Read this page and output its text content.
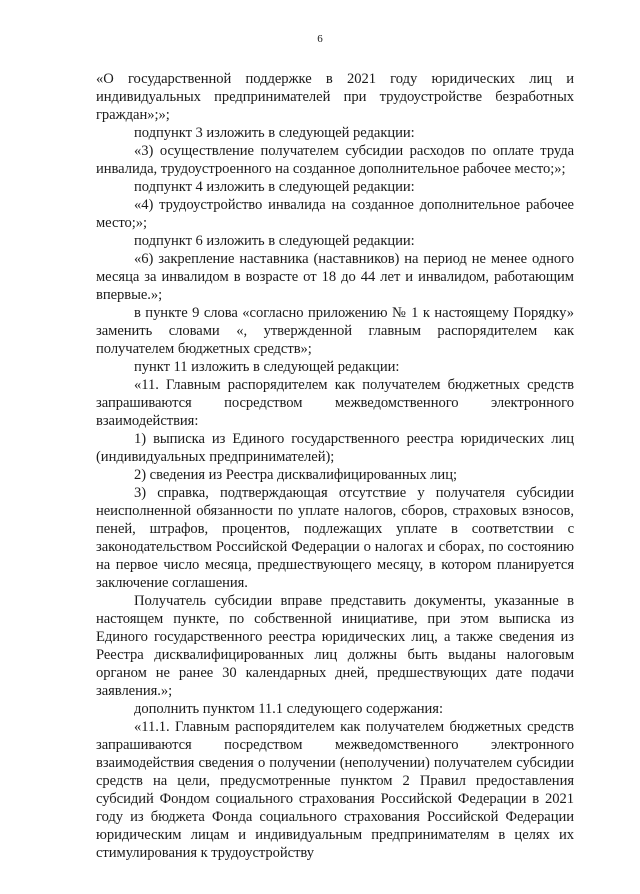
6

«О государственной поддержке в 2021 году юридических лиц и индивидуальных предпринимателей при трудоустройстве безработных граждан»;»;

подпункт 3 изложить в следующей редакции:

«3) осуществление получателем субсидии расходов по оплате труда инвалида, трудоустроенного на созданное дополнительное рабочее место;»;

подпункт 4 изложить в следующей редакции:

«4) трудоустройство инвалида на созданное дополнительное рабочее место;»;

подпункт 6 изложить в следующей редакции:

«6) закрепление наставника (наставников) на период не менее одного месяца за инвалидом в возрасте от 18 до 44 лет и инвалидом, работающим впервые.»;

в пункте 9 слова «согласно приложению № 1 к настоящему Порядку» заменить словами «, утвержденной главным распорядителем как получателем бюджетных средств»;

пункт 11 изложить в следующей редакции:

«11. Главным распорядителем как получателем бюджетных средств запрашиваются посредством межведомственного электронного взаимодействия:

1) выписка из Единого государственного реестра юридических лиц (индивидуальных предпринимателей);

2) сведения из Реестра дисквалифицированных лиц;

3) справка, подтверждающая отсутствие у получателя субсидии неисполненной обязанности по уплате налогов, сборов, страховых взносов, пеней, штрафов, процентов, подлежащих уплате в соответствии с законодательством Российской Федерации о налогах и сборах, по состоянию на первое число месяца, предшествующего месяцу, в котором планируется заключение соглашения.

Получатель субсидии вправе представить документы, указанные в настоящем пункте, по собственной инициативе, при этом выписка из Единого государственного реестра юридических лиц, а также сведения из Реестра дисквалифицированных лиц должны быть выданы налоговым органом не ранее 30 календарных дней, предшествующих дате подачи заявления.»;

дополнить пунктом 11.1 следующего содержания:

«11.1. Главным распорядителем как получателем бюджетных средств запрашиваются посредством межведомственного электронного взаимодействия сведения о получении (неполучении) получателем субсидии средств на цели, предусмотренные пунктом 2 Правил предоставления субсидий Фондом социального страхования Российской Федерации в 2021 году из бюджета Фонда социального страхования Российской Федерации юридическим лицам и индивидуальным предпринимателям в целях их стимулирования к трудоустройству
